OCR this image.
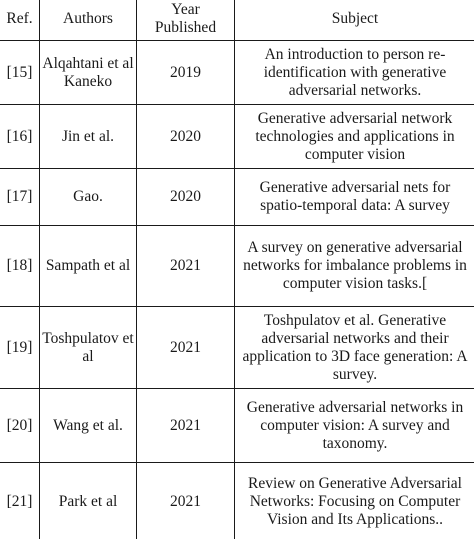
Ref.	Authors	Year Published	Subject
[15]	Alqahtani et al Kaneko	2019	An introduction to person re-identification with generative adversarial networks.
[16]	Jin et al.	2020	Generative adversarial network technologies and applications in computer vision
[17]	Gao.	2020	Generative adversarial nets for spatio-temporal data: A survey
[18]	Sampath et al	2021	A survey on generative adversarial networks for imbalance problems in computer vision tasks.[
[19]	Toshpulatov et al	2021	Toshpulatov et al. Generative adversarial networks and their application to 3D face generation: A survey.
[20]	Wang et al.	2021	Generative adversarial networks in computer vision: A survey and taxonomy.
[21]	Park et al	2021	Review on Generative Adversarial Networks: Focusing on Computer Vision and Its Applications..
